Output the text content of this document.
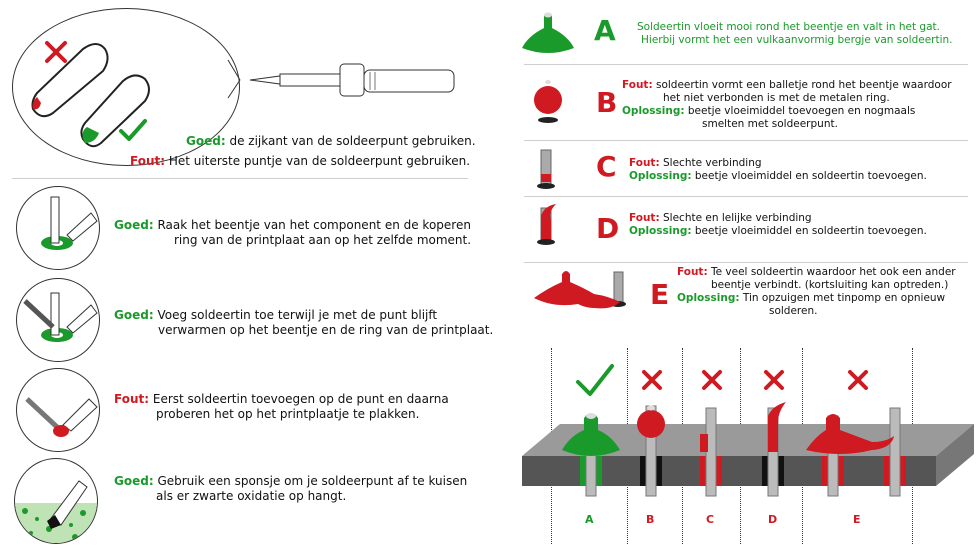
Goed: de zijkant van de soldeerpunt gebruiken.
Fout: Het uiterste puntje van de soldeerpunt gebruiken.
Goed: Raak het beentje van het component en de koperen
ring van de printplaat aan op het zelfde moment.
Goed: Voeg soldeertin toe terwijl je met de punt blijft
verwarmen op het beentje en de ring van de printplaat.
Fout: Eerst soldeertin toevoegen op de punt en daarna
proberen het op het printplaatje te plakken.
Goed: Gebruik een sponsje om je soldeerpunt af te kuisen
als er zwarte oxidatie op hangt.
A Soldeertin vloeit mooi rond het beentje en valt in het gat.
Hierbij vormt het een vulkaanvormig bergje van soldeertin.
B
Fout: soldeertin vormt een balletje rond het beentje waardoor
het niet verbonden is met de metalen ring.
Oplossing: beetje vloeimiddel toevoegen en nogmaals
smelten met soldeerpunt.
C Fout: Slechte verbinding
Oplossing: beetje vloeimiddel en soldeertin toevoegen.
D Fout: Slechte en lelijke verbinding
Oplossing: beetje vloeimiddel en soldeertin toevoegen.
E
Fout: Te veel soldeertin waardoor het ook een ander
beentje verbindt. (kortsluiting kan optreden.)
Oplossing: Tin opzuigen met tinpomp en opnieuw
solderen.
A	B	C	D	E
